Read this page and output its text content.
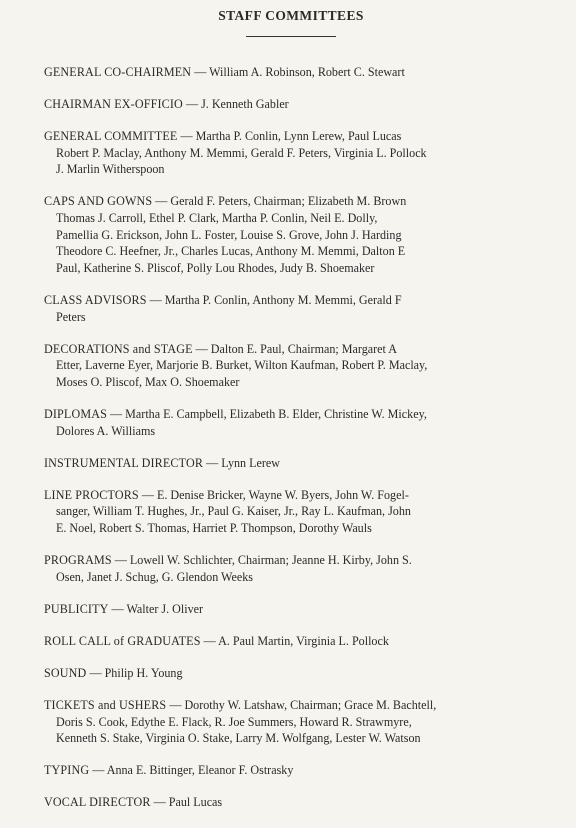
STAFF COMMITTEES
GENERAL CO-CHAIRMEN — William A. Robinson, Robert C. Stewart
CHAIRMAN EX-OFFICIO — J. Kenneth Gabler
GENERAL COMMITTEE — Martha P. Conlin, Lynn Lerew, Paul Lucas
Robert P. Maclay, Anthony M. Memmi, Gerald F. Peters, Virginia L. Pollock
J. Marlin Witherspoon
CAPS AND GOWNS — Gerald F. Peters, Chairman; Elizabeth M. Brown
Thomas J. Carroll, Ethel P. Clark, Martha P. Conlin, Neil E. Dolly,
Pamellia G. Erickson, John L. Foster, Louise S. Grove, John J. Harding
Theodore C. Heefner, Jr., Charles Lucas, Anthony M. Memmi, Dalton E
Paul, Katherine S. Pliscof, Polly Lou Rhodes, Judy B. Shoemaker
CLASS ADVISORS — Martha P. Conlin, Anthony M. Memmi, Gerald F
Peters
DECORATIONS and STAGE — Dalton E. Paul, Chairman; Margaret A
Etter, Laverne Eyer, Marjorie B. Burket, Wilton Kaufman, Robert P. Maclay,
Moses O. Pliscof, Max O. Shoemaker
DIPLOMAS — Martha E. Campbell, Elizabeth B. Elder, Christine W. Mickey,
Dolores A. Williams
INSTRUMENTAL DIRECTOR — Lynn Lerew
LINE PROCTORS — E. Denise Bricker, Wayne W. Byers, John W. Fogel-
sanger, William T. Hughes, Jr., Paul G. Kaiser, Jr., Ray L. Kaufman, John
E. Noel, Robert S. Thomas, Harriet P. Thompson, Dorothy Wauls
PROGRAMS — Lowell W. Schlichter, Chairman; Jeanne H. Kirby, John S.
Osen, Janet J. Schug, G. Glendon Weeks
PUBLICITY — Walter J. Oliver
ROLL CALL of GRADUATES — A. Paul Martin, Virginia L. Pollock
SOUND — Philip H. Young
TICKETS and USHERS — Dorothy W. Latshaw, Chairman; Grace M. Bachtell,
Doris S. Cook, Edythe E. Flack, R. Joe Summers, Howard R. Strawmyre,
Kenneth S. Stake, Virginia O. Stake, Larry M. Wolfgang, Lester W. Watson
TYPING — Anna E. Bittinger, Eleanor F. Ostrasky
VOCAL DIRECTOR — Paul Lucas
